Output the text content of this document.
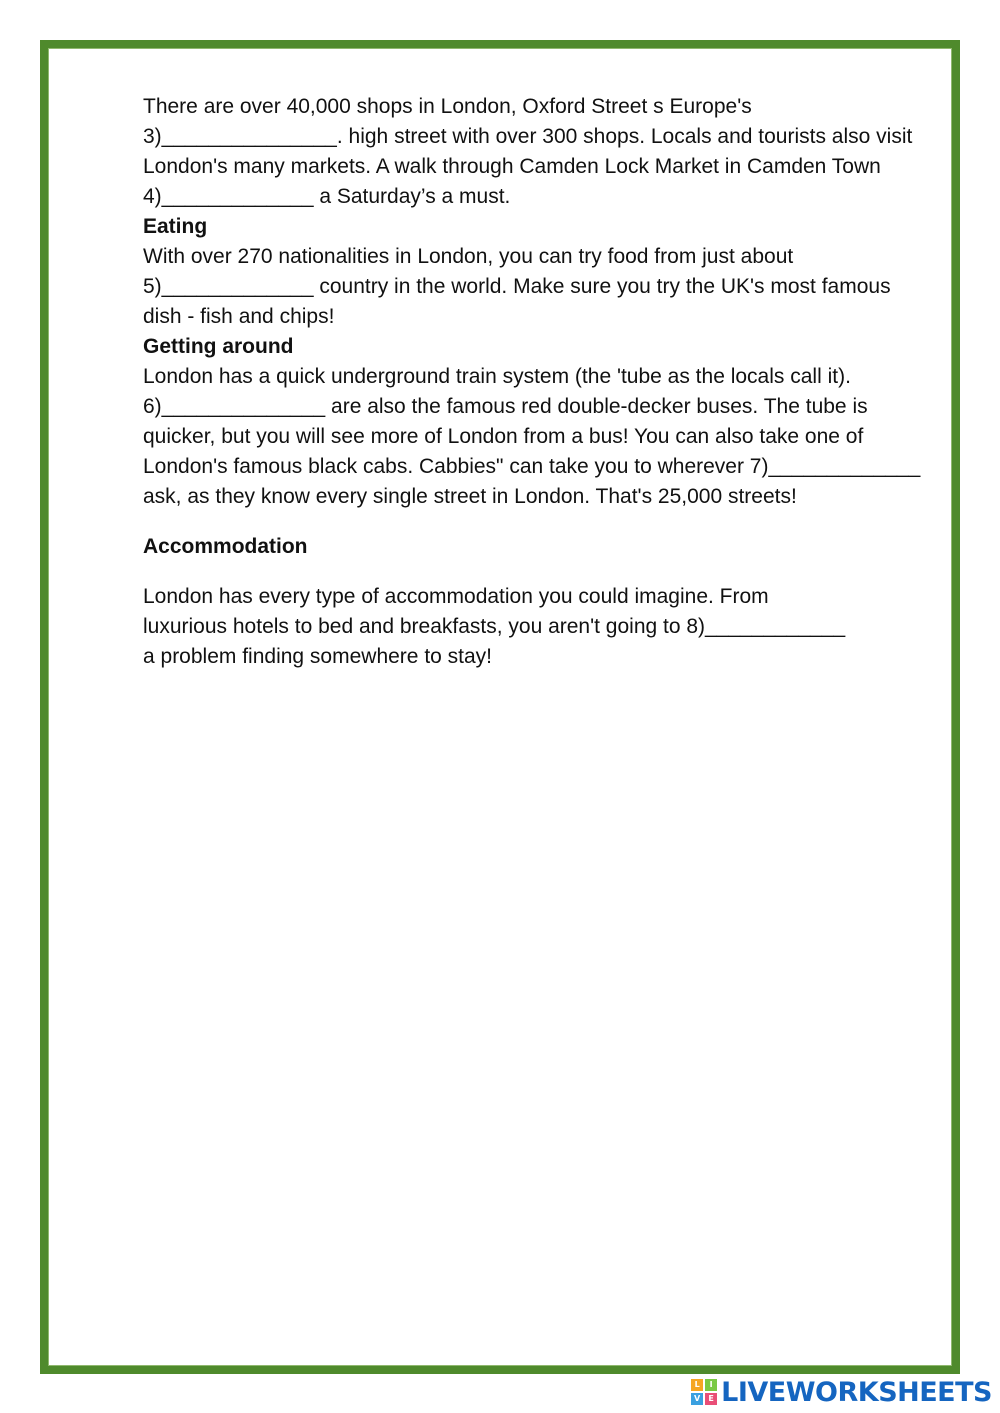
There are over 40,000 shops in London, Oxford Street s Europe's

3)_______________. high street with over 300 shops. Locals and tourists also visit London's many markets. A walk through Camden Lock Market in Camden Town 4)_____________ a Saturday’s a must.

Eating

With over 270 nationalities in London, you can try food from just about 5)_____________ country in the world. Make sure you try the UK's most famous dish - fish and chips!

Getting around

London has a quick underground train system (the 'tube as the locals call it). 6)______________ are also the famous red double-decker buses. The tube is quicker, but you will see more of London from a bus! You can also take one of London's famous black cabs. Cabbies" can take you to wherever 7)_____________ ask, as they know every single street in London. That's 25,000 streets!

Accommodation

London has every type of accommodation you could imagine. From

luxurious hotels to bed and breakfasts, you aren't going to 8)____________

a problem finding somewhere to stay!

L	I
V	E LIVEWORKSHEETS
